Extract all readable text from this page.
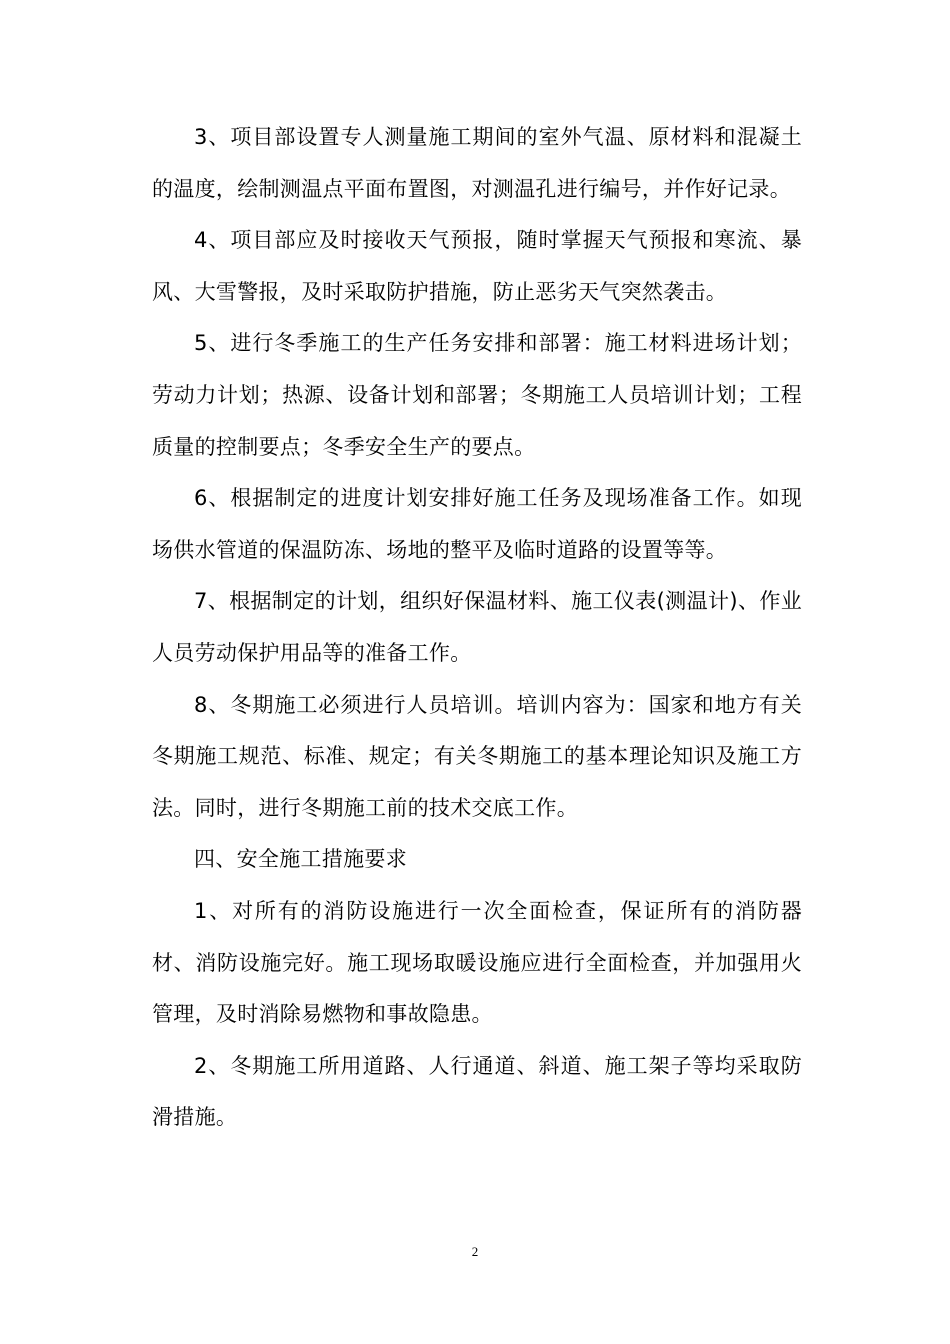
3、项目部设置专人测量施工期间的室外气温、原材料和混凝土的温度，绘制测温点平面布置图，对测温孔进行编号，并作好记录。

4、项目部应及时接收天气预报，随时掌握天气预报和寒流、暴风、大雪警报，及时采取防护措施，防止恶劣天气突然袭击。

5、进行冬季施工的生产任务安排和部署：施工材料进场计划；劳动力计划；热源、设备计划和部署；冬期施工人员培训计划；工程质量的控制要点；冬季安全生产的要点。

6、根据制定的进度计划安排好施工任务及现场准备工作。如现场供水管道的保温防冻、场地的整平及临时道路的设置等等。

7、根据制定的计划，组织好保温材料、施工仪表(测温计)、作业人员劳动保护用品等的准备工作。

8、冬期施工必须进行人员培训。培训内容为：国家和地方有关冬期施工规范、标准、规定；有关冬期施工的基本理论知识及施工方法。同时，进行冬期施工前的技术交底工作。

四、安全施工措施要求

1、对所有的消防设施进行一次全面检查，保证所有的消防器材、消防设施完好。施工现场取暖设施应进行全面检查，并加强用火管理，及时消除易燃物和事故隐患。

2、冬期施工所用道路、人行通道、斜道、施工架子等均采取防滑措施。

2
